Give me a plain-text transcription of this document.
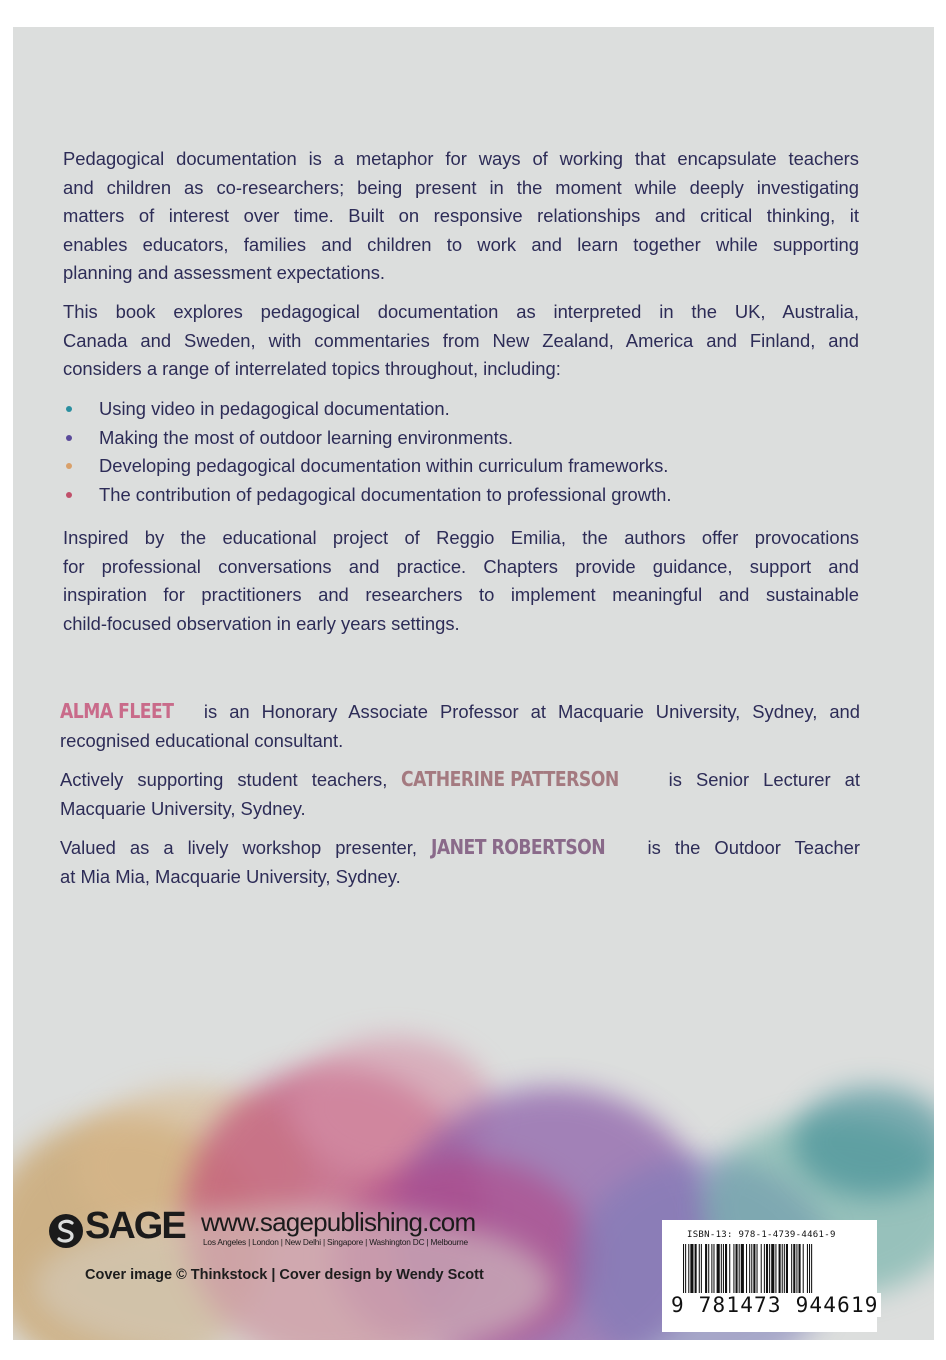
Pedagogical documentation is a metaphor for ways of working that encapsulate teachers
and children as co-researchers; being present in the moment while deeply investigating
matters of interest over time. Built on responsive relationships and critical thinking, it
enables educators, families and children to work and learn together while supporting
planning and assessment expectations.

This book explores pedagogical documentation as interpreted in the UK, Australia,
Canada and Sweden, with commentaries from New Zealand, America and Finland, and
considers a range of interrelated topics throughout, including:

Using video in pedagogical documentation.
Making the most of outdoor learning environments.
Developing pedagogical documentation within curriculum frameworks.
The contribution of pedagogical documentation to professional growth.

Inspired by the educational project of Reggio Emilia, the authors offer provocations
for professional conversations and practice. Chapters provide guidance, support and
inspiration for practitioners and researchers to implement meaningful and sustainable
child-focused observation in early years settings.

ALMA FLEET is an Honorary Associate Professor at Macquarie University, Sydney, and
recognised educational consultant.

Actively supporting student teachers, CATHERINE PATTERSON is Senior Lecturer at
Macquarie University, Sydney.

Valued as a lively workshop presenter, JANET ROBERTSON is the Outdoor Teacher
at Mia Mia, Macquarie University, Sydney.

SAGE www.sagepublishing.com
Los Angeles | London | New Delhi | Singapore | Washington DC | Melbourne
Cover image © Thinkstock | Cover design by Wendy Scott
ISBN-13: 978-1-4739-4461-9
9 781473 944619
